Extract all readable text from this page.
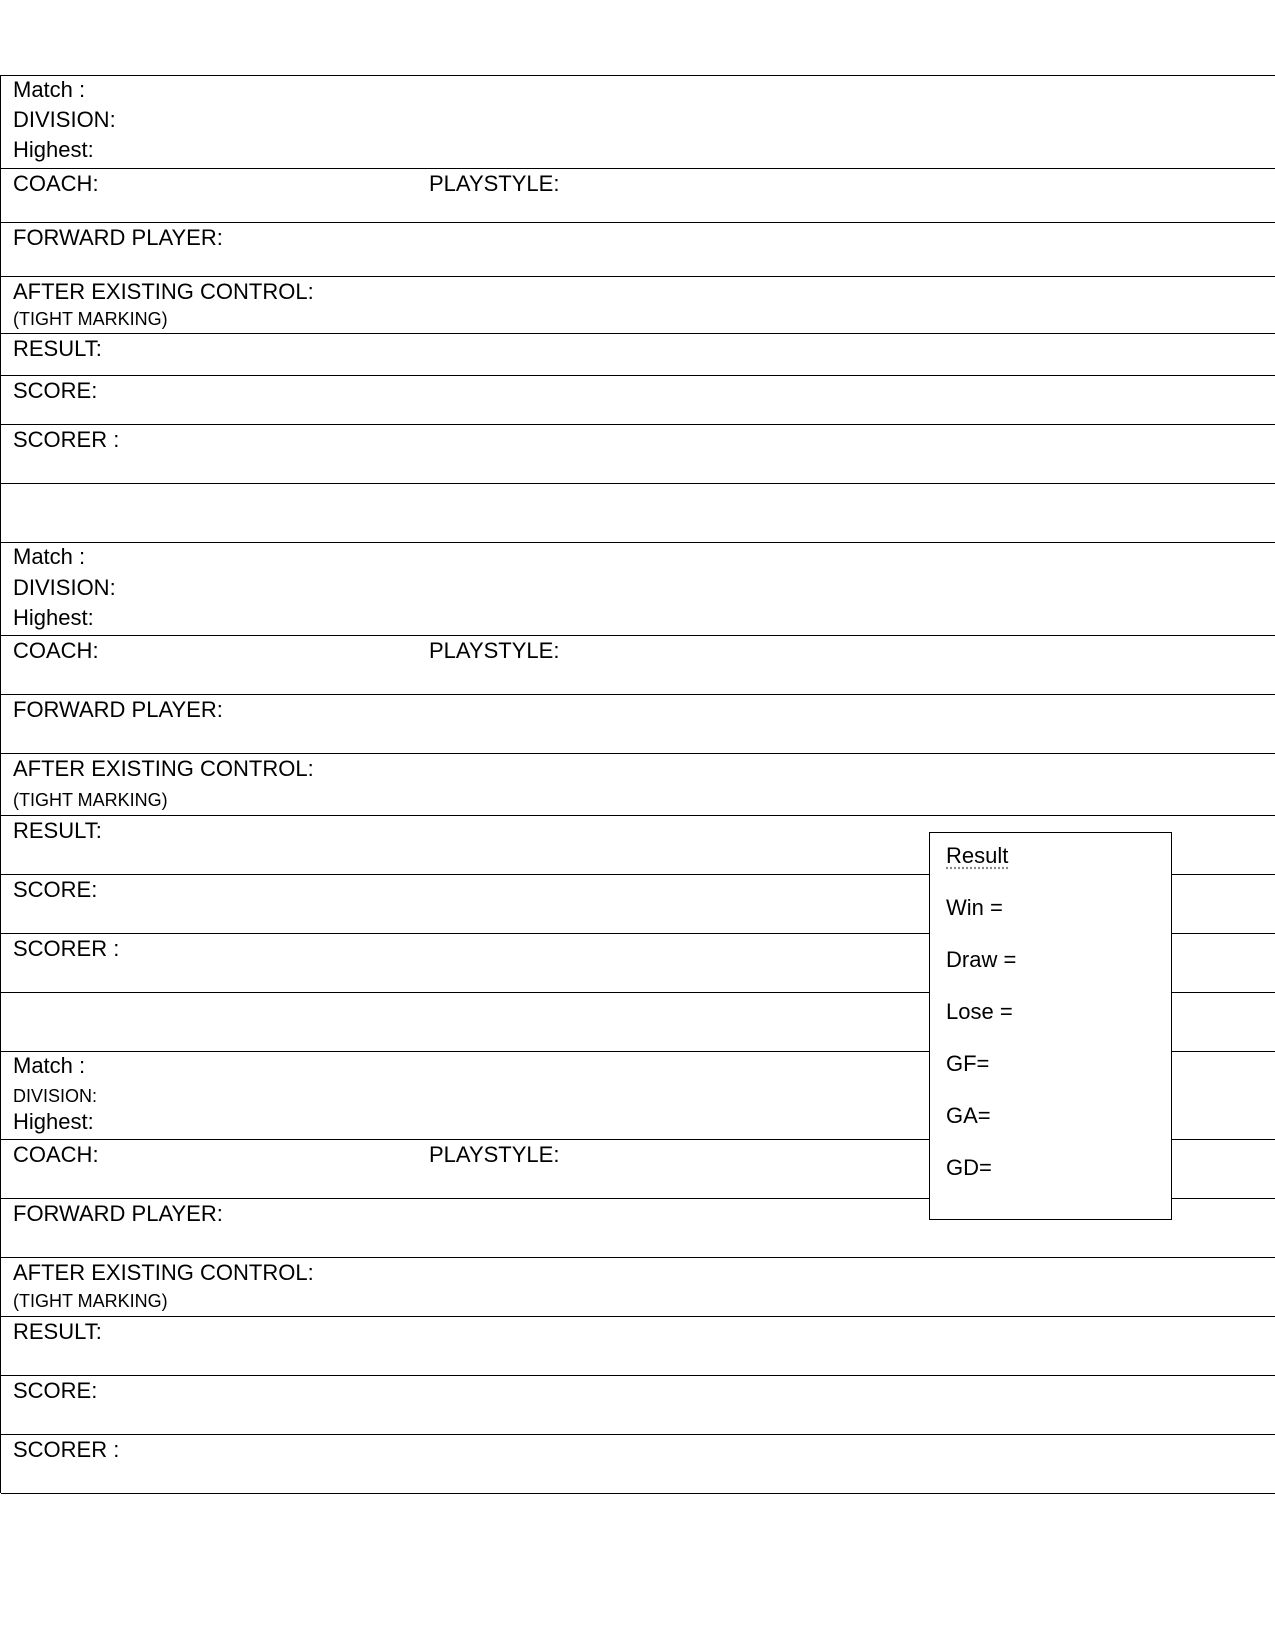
Match :
DIVISION:
Highest:
COACH:	PLAYSTYLE:
FORWARD PLAYER:
AFTER EXISTING CONTROL:
(TIGHT MARKING)
RESULT:
SCORE:
SCORER :
Match :
DIVISION:
Highest:
COACH:	PLAYSTYLE:
FORWARD PLAYER:
AFTER EXISTING CONTROL:
(TIGHT MARKING)
RESULT:
SCORE:
SCORER :
Match :
DIVISION:
Highest:
COACH:	PLAYSTYLE:
FORWARD PLAYER:
AFTER EXISTING CONTROL:
(TIGHT MARKING)
RESULT:
SCORE:
SCORER :
Result
Win =
Draw =
Lose =
GF=
GA=
GD=
